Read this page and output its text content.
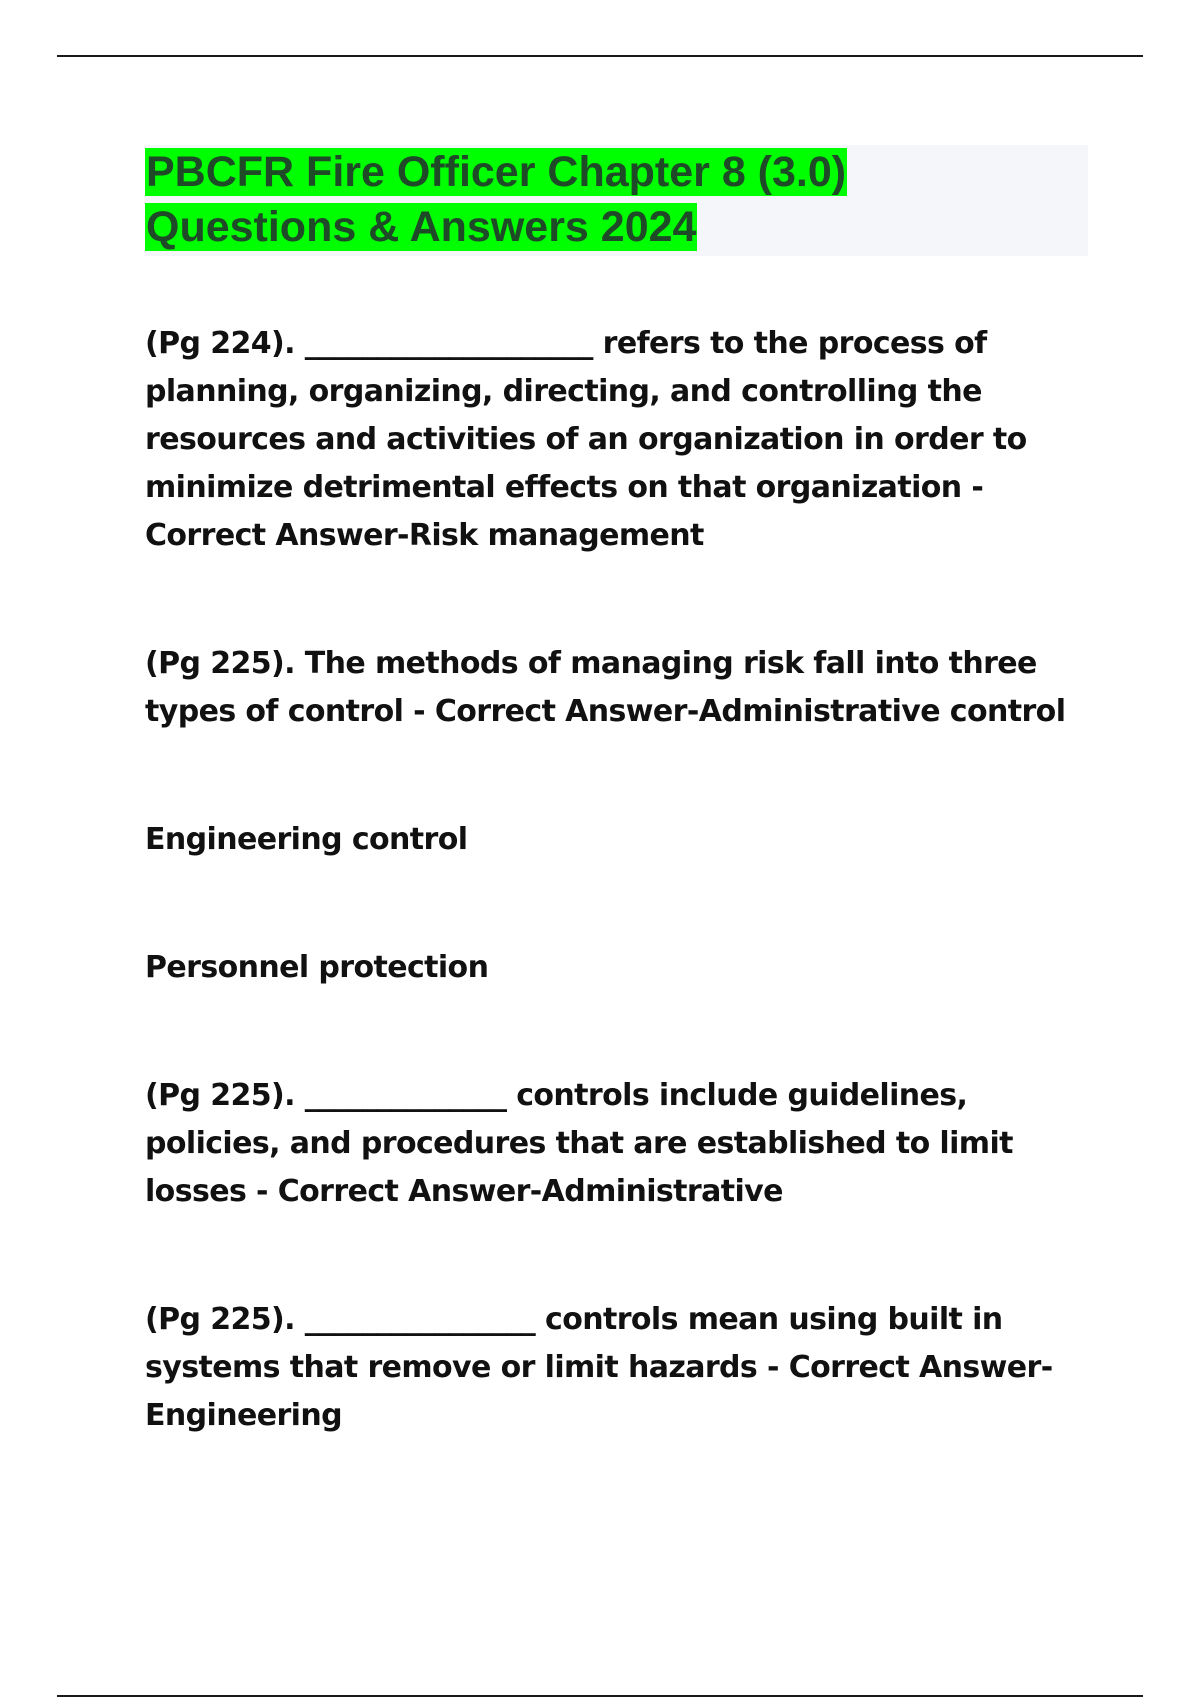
PBCFR Fire Officer Chapter 8 (3.0)
Questions & Answers 2024

(Pg 224). ____________________ refers to the process of planning, organizing, directing, and controlling the resources and activities of an organization in order to minimize detrimental effects on that organization - Correct Answer-Risk management

(Pg 225). The methods of managing risk fall into three types of control - Correct Answer-Administrative control

Engineering control

Personnel protection

(Pg 225). ______________ controls include guidelines, policies, and procedures that are established to limit losses - Correct Answer-Administrative

(Pg 225). ________________ controls mean using built in systems that remove or limit hazards - Correct Answer-Engineering
